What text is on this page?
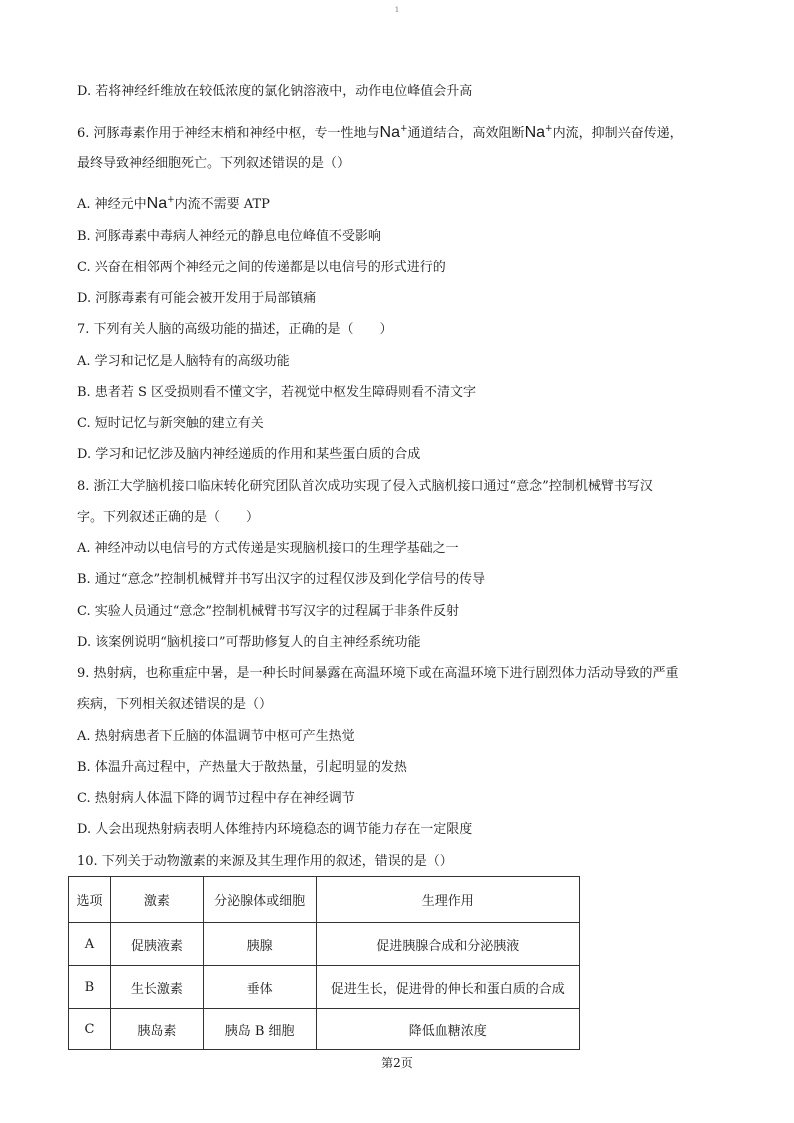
1
D. 若将神经纤维放在较低浓度的氯化钠溶液中，动作电位峰值会升高
6. 河豚毒素作用于神经末梢和神经中枢，专一性地与Na+通道结合，高效阻断Na+内流，抑制兴奋传递，
最终导致神经细胞死亡。下列叙述错误的是（）
A. 神经元中Na+内流不需要 ATP
B. 河豚毒素中毒病人神经元的静息电位峰值不受影响
C. 兴奋在相邻两个神经元之间的传递都是以电信号的形式进行的
D. 河豚毒素有可能会被开发用于局部镇痛
7. 下列有关人脑的高级功能的描述，正确的是（　　）
A. 学习和记忆是人脑特有的高级功能
B. 患者若 S 区受损则看不懂文字，若视觉中枢发生障碍则看不清文字
C. 短时记忆与新突触的建立有关
D. 学习和记忆涉及脑内神经递质的作用和某些蛋白质的合成
8. 浙江大学脑机接口临床转化研究团队首次成功实现了侵入式脑机接口通过“意念”控制机械臂书写汉
字。下列叙述正确的是（　　）
A. 神经冲动以电信号的方式传递是实现脑机接口的生理学基础之一
B. 通过“意念”控制机械臂并书写出汉字的过程仅涉及到化学信号的传导
C. 实验人员通过“意念”控制机械臂书写汉字的过程属于非条件反射
D. 该案例说明“脑机接口”可帮助修复人的自主神经系统功能
9. 热射病，也称重症中暑，是一种长时间暴露在高温环境下或在高温环境下进行剧烈体力活动导致的严重
疾病，下列相关叙述错误的是（）
A. 热射病患者下丘脑的体温调节中枢可产生热觉
B. 体温升高过程中，产热量大于散热量，引起明显的发热
C. 热射病人体温下降的调节过程中存在神经调节
D. 人会出现热射病表明人体维持内环境稳态的调节能力存在一定限度
10. 下列关于动物激素的来源及其生理作用的叙述，错误的是（）
选项	激素	分泌腺体或细胞	生理作用
A	促胰液素	胰腺	促进胰腺合成和分泌胰液
B	生长激素	垂体	促进生长，促进骨的伸长和蛋白质的合成
C	胰岛素	胰岛 B 细胞	降低血糖浓度
第2页
